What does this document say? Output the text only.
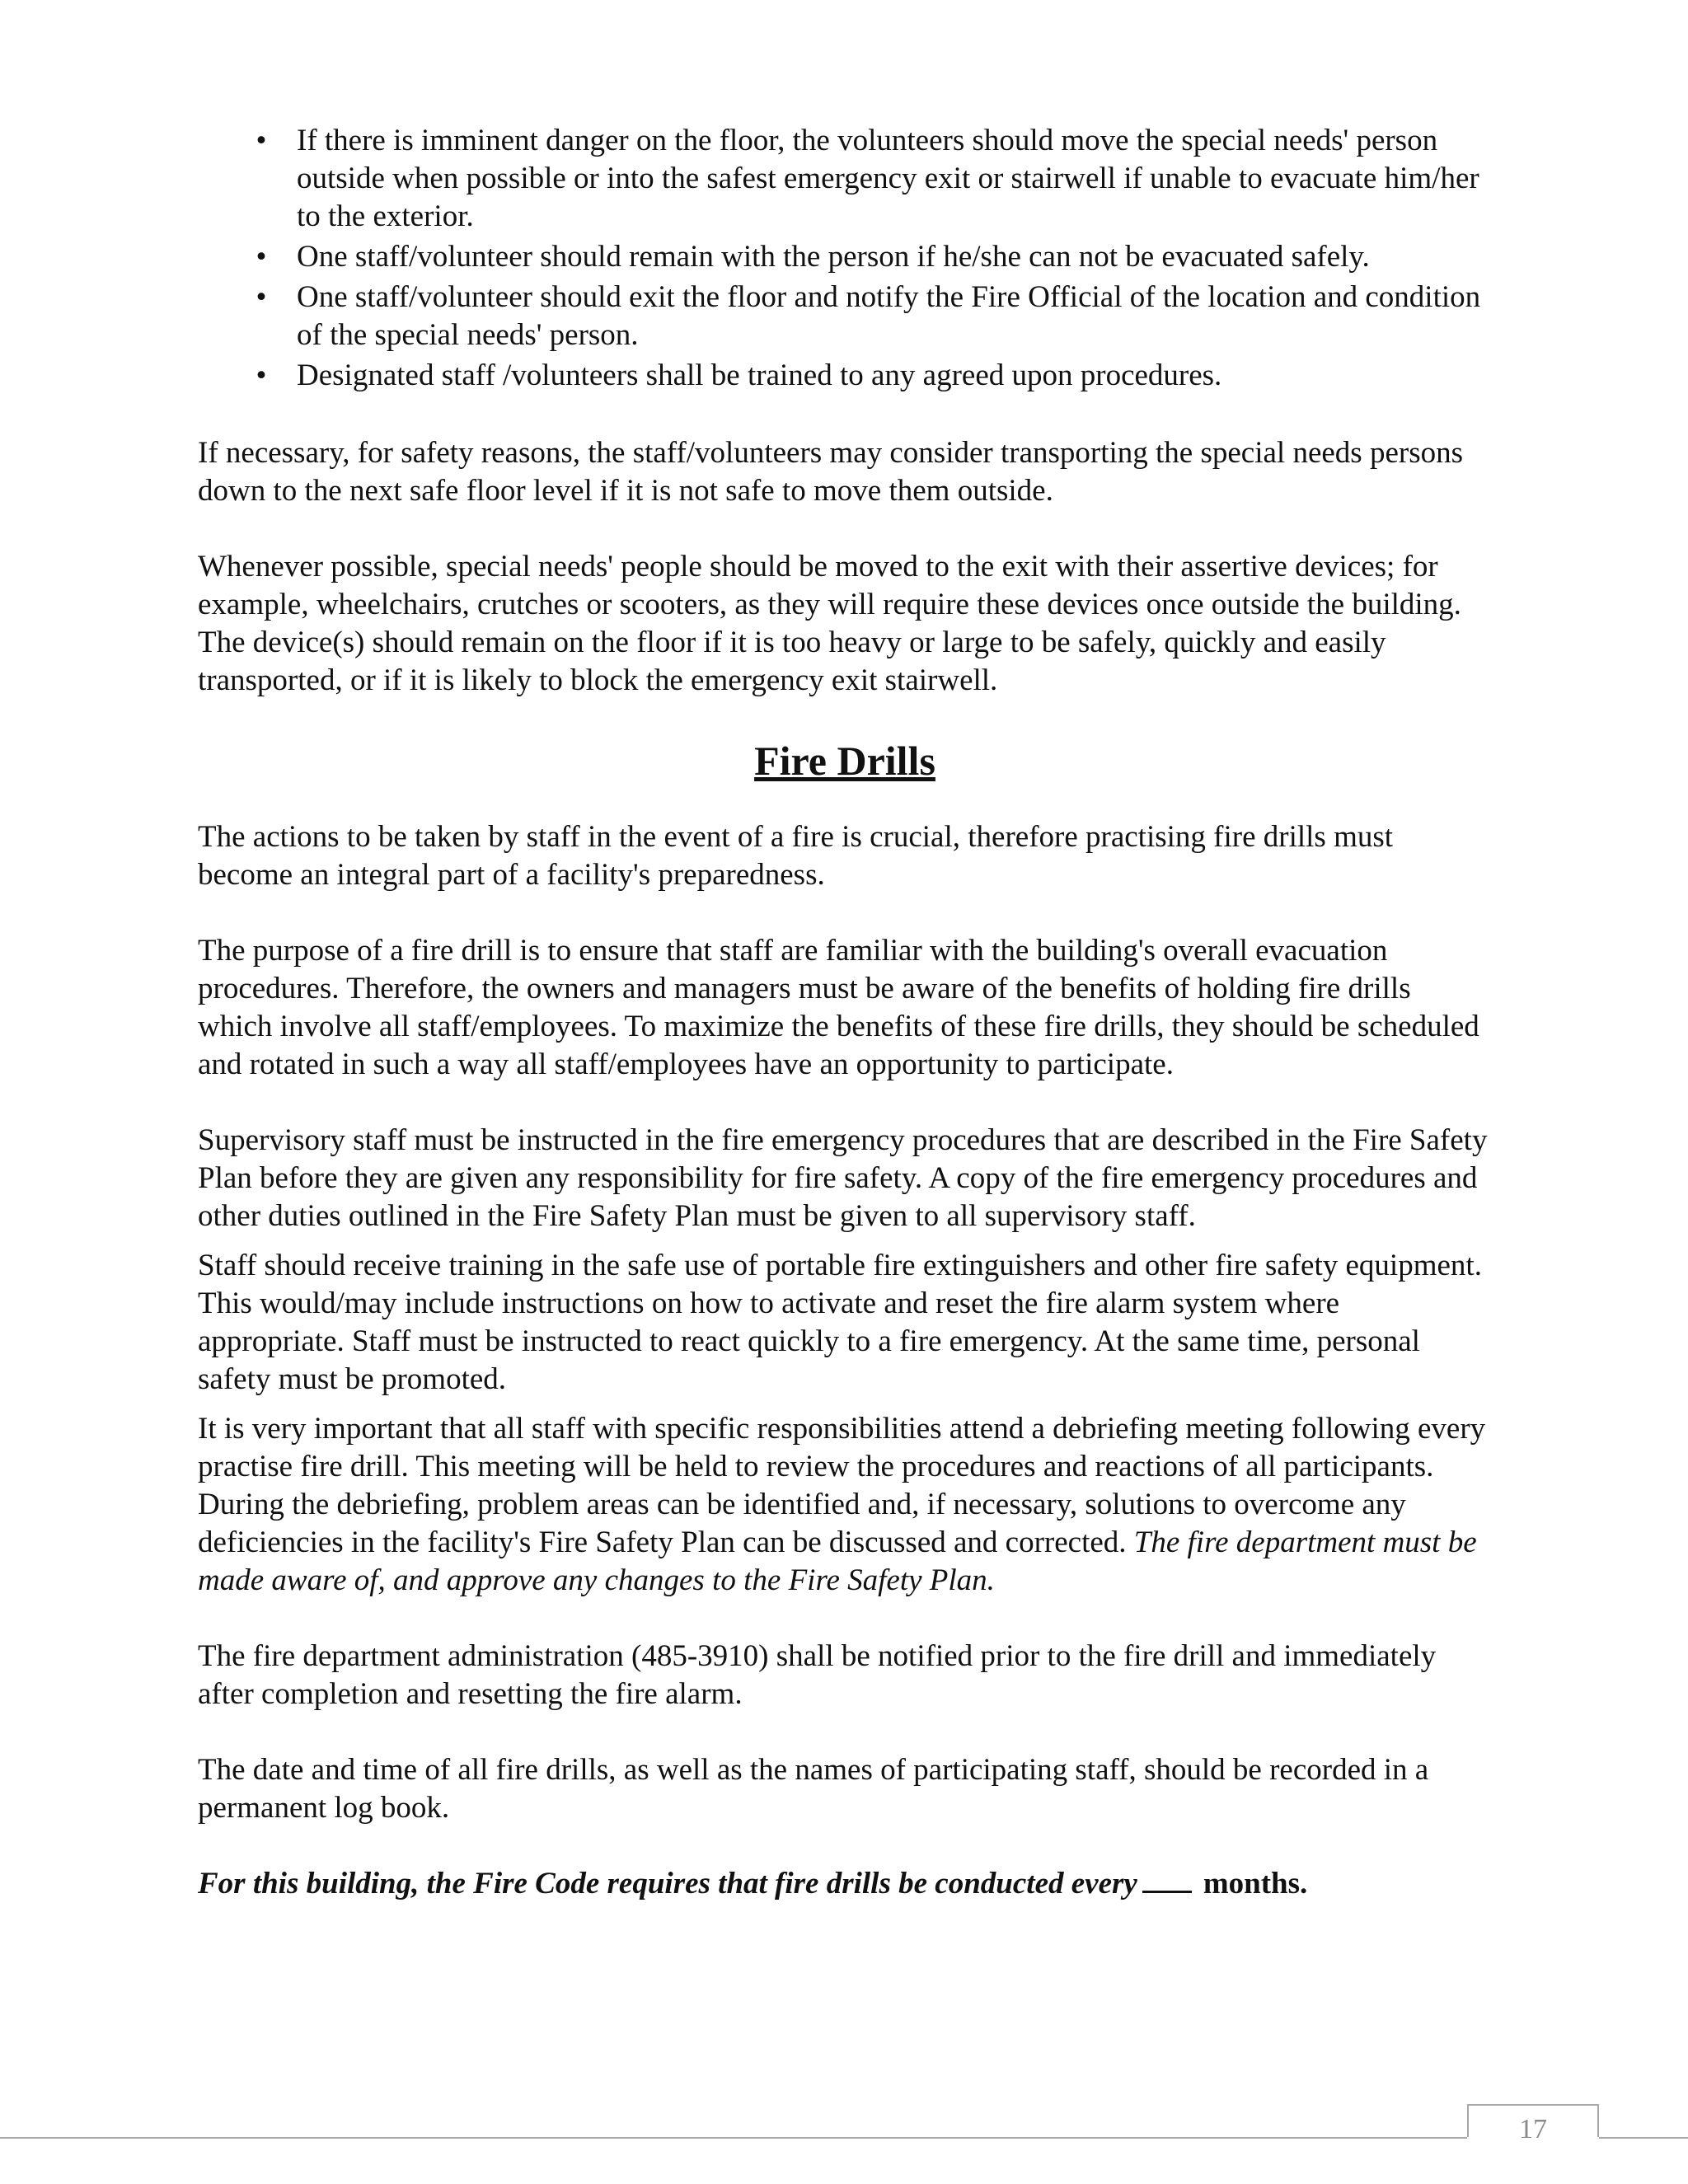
• If there is imminent danger on the floor, the volunteers should move the special needs' person outside when possible or into the safest emergency exit or stairwell if unable to evacuate him/her to the exterior.
• One staff/volunteer should remain with the person if he/she can not be evacuated safely.
• One staff/volunteer should exit the floor and notify the Fire Official of the location and condition of the special needs' person.
• Designated staff /volunteers shall be trained to any agreed upon procedures.

If necessary, for safety reasons, the staff/volunteers may consider transporting the special needs persons down to the next safe floor level if it is not safe to move them outside.

Whenever possible, special needs' people should be moved to the exit with their assertive devices; for example, wheelchairs, crutches or scooters, as they will require these devices once outside the building. The device(s) should remain on the floor if it is too heavy or large to be safely, quickly and easily transported, or if it is likely to block the emergency exit stairwell.

Fire Drills

The actions to be taken by staff in the event of a fire is crucial, therefore practising fire drills must become an integral part of a facility's preparedness.

The purpose of a fire drill is to ensure that staff are familiar with the building's overall evacuation procedures. Therefore, the owners and managers must be aware of the benefits of holding fire drills which involve all staff/employees. To maximize the benefits of these fire drills, they should be scheduled and rotated in such a way all staff/employees have an opportunity to participate.

Supervisory staff must be instructed in the fire emergency procedures that are described in the Fire Safety Plan before they are given any responsibility for fire safety. A copy of the fire emergency procedures and other duties outlined in the Fire Safety Plan must be given to all supervisory staff.

Staff should receive training in the safe use of portable fire extinguishers and other fire safety equipment. This would/may include instructions on how to activate and reset the fire alarm system where appropriate. Staff must be instructed to react quickly to a fire emergency. At the same time, personal safety must be promoted.

It is very important that all staff with specific responsibilities attend a debriefing meeting following every practise fire drill. This meeting will be held to review the procedures and reactions of all participants. During the debriefing, problem areas can be identified and, if necessary, solutions to overcome any deficiencies in the facility's Fire Safety Plan can be discussed and corrected. The fire department must be made aware of, and approve any changes to the Fire Safety Plan.

The fire department administration (485-3910) shall be notified prior to the fire drill and immediately after completion and resetting the fire alarm.

The date and time of all fire drills, as well as the names of participating staff, should be recorded in a permanent log book.

For this building, the Fire Code requires that fire drills be conducted every months.

17
